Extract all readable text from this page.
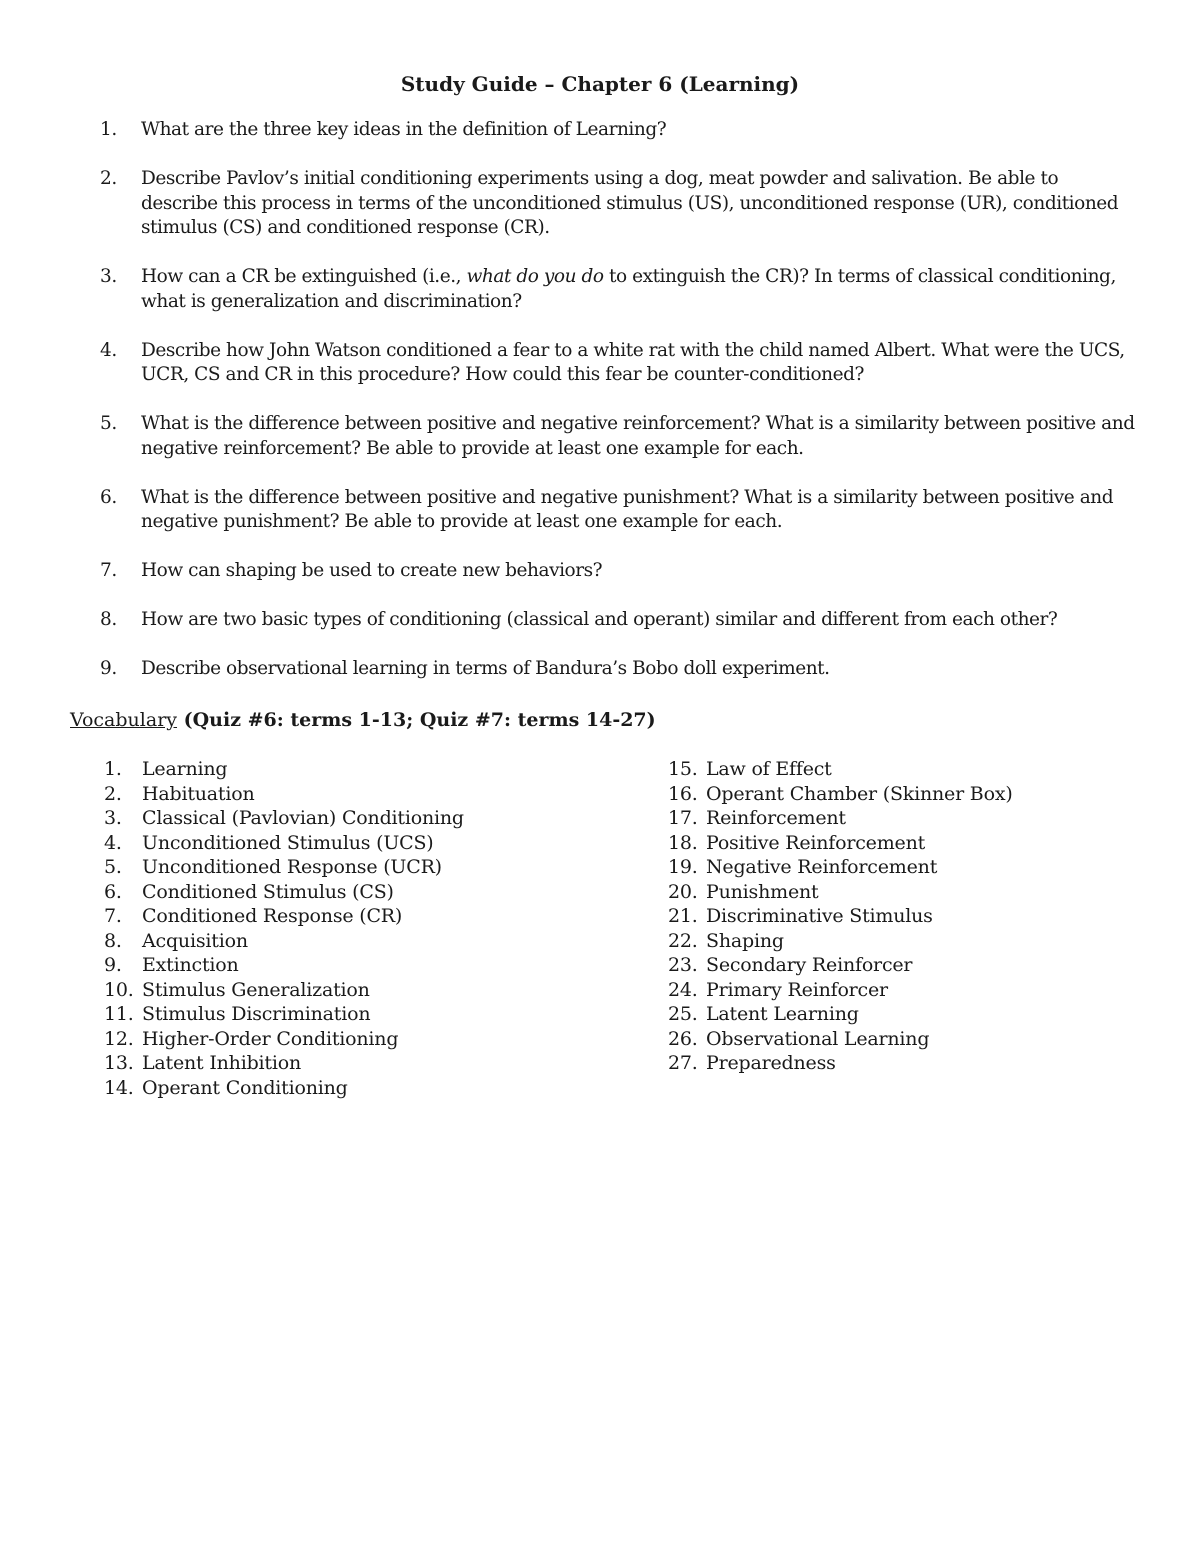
Study Guide – Chapter 6 (Learning)
1.	What are the three key ideas in the definition of Learning?
2.	Describe Pavlov’s initial conditioning experiments using a dog, meat powder and salivation. Be able to describe this process in terms of the unconditioned stimulus (US), unconditioned response (UR), conditioned stimulus (CS) and conditioned response (CR).
3.	How can a CR be extinguished (i.e., what do you do to extinguish the CR)? In terms of classical conditioning, what is generalization and discrimination?
4.	Describe how John Watson conditioned a fear to a white rat with the child named Albert. What were the UCS, UCR, CS and CR in this procedure? How could this fear be counter-conditioned?
5.	What is the difference between positive and negative reinforcement? What is a similarity between positive and negative reinforcement? Be able to provide at least one example for each.
6.	What is the difference between positive and negative punishment? What is a similarity between positive and negative punishment? Be able to provide at least one example for each.
7.	How can shaping be used to create new behaviors?
8.	How are two basic types of conditioning (classical and operant) similar and different from each other?
9.	Describe observational learning in terms of Bandura’s Bobo doll experiment.
Vocabulary (Quiz #6: terms 1-13; Quiz #7: terms 14-27)
1. Learning
2. Habituation
3. Classical (Pavlovian) Conditioning
4. Unconditioned Stimulus (UCS)
5. Unconditioned Response (UCR)
6. Conditioned Stimulus (CS)
7. Conditioned Response (CR)
8. Acquisition
9. Extinction
10. Stimulus Generalization
11. Stimulus Discrimination
12. Higher-Order Conditioning
13. Latent Inhibition
14. Operant Conditioning
15. Law of Effect
16. Operant Chamber (Skinner Box)
17. Reinforcement
18. Positive Reinforcement
19. Negative Reinforcement
20. Punishment
21. Discriminative Stimulus
22. Shaping
23. Secondary Reinforcer
24. Primary Reinforcer
25. Latent Learning
26. Observational Learning
27. Preparedness
